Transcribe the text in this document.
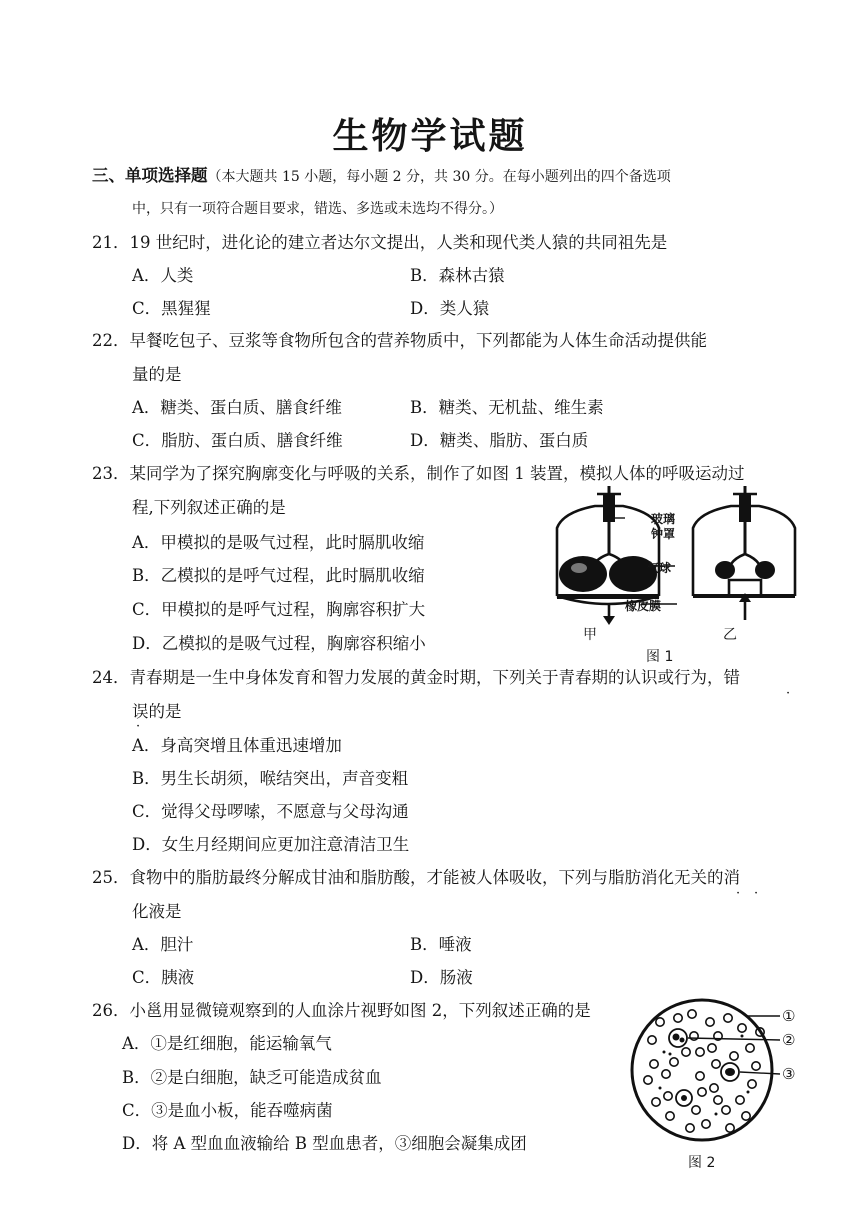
生物学试题
三、单项选择题（本大题共 15 小题，每小题 2 分，共 30 分。在每小题列出的四个备选项
中，只有一项符合题目要求，错选、多选或未选均不得分。）
21．19 世纪时，进化论的建立者达尔文提出，人类和现代类人猿的共同祖先是
A．人类	B．森林古猿
C．黑猩猩	D．类人猿
22．早餐吃包子、豆浆等食物所包含的营养物质中，下列都能为人体生命活动提供能
量的是
A．糖类、蛋白质、膳食纤维	B．糖类、无机盐、维生素
C．脂肪、蛋白质、膳食纤维	D．糖类、脂肪、蛋白质
23．某同学为了探究胸廓变化与呼吸的关系，制作了如图 1 装置，模拟人体的呼吸运动过
程,下列叙述正确的是
A．甲模拟的是吸气过程，此时膈肌收缩
B．乙模拟的是呼气过程，此时膈肌收缩
C．甲模拟的是呼气过程，胸廓容积扩大
D．乙模拟的是吸气过程，胸廓容积缩小
玻璃
钟罩
气球
橡皮膜
甲	乙
图 1
24．青春期是一生中身体发育和智力发展的黄金时期，下列关于青春期的认识或行为，错
·
误的是
·
A．身高突增且体重迅速增加
B．男生长胡须，喉结突出，声音变粗
C．觉得父母啰嗦，不愿意与父母沟通
D．女生月经期间应更加注意清洁卫生
25．食物中的脂肪最终分解成甘油和脂肪酸，才能被人体吸收，下列与脂肪消化无关的消
· ·
化液是
A．胆汁	B．唾液
C．胰液	D．肠液
26．小邕用显微镜观察到的人血涂片视野如图 2，下列叙述正确的是
A．①是红细胞，能运输氧气
B．②是白细胞，缺乏可能造成贫血
C．③是血小板，能吞噬病菌
D．将 A 型血血液输给 B 型血患者，③细胞会凝集成团
①
②
③
图 2
